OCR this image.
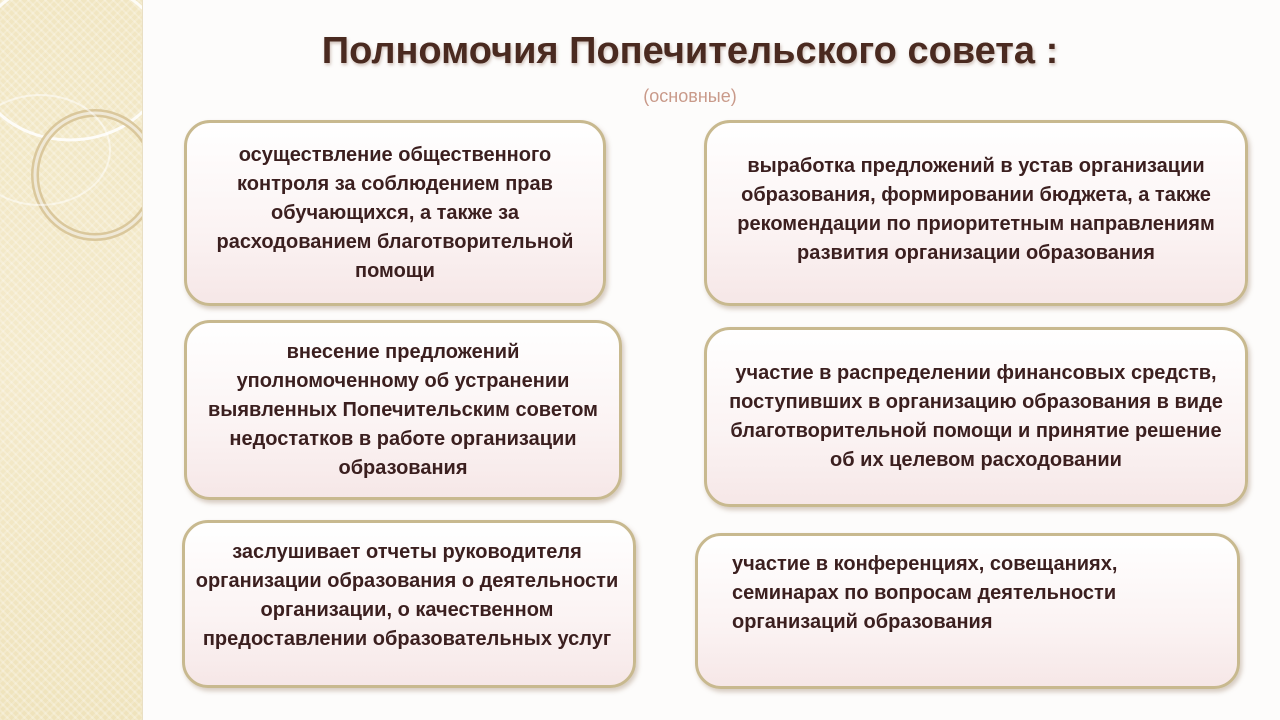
Полномочия Попечительского совета :
(основные)
осуществление общественного контроля за соблюдением прав обучающихся, а также за расходованием благотворительной помощи
выработка предложений в устав организации образования, формировании бюджета, а также рекомендации по приоритетным направлениям развития организации образования
внесение предложений уполномоченному об устранении выявленных Попечительским советом недостатков в работе организации образования
участие в распределении финансовых средств, поступивших в организацию образования в виде благотворительной помощи и принятие решение об их целевом расходовании
заслушивает отчеты руководителя организации образования о деятельности организации, о качественном предоставлении образовательных услуг
участие в конференциях, совещаниях, семинарах по вопросам деятельности организаций образования
